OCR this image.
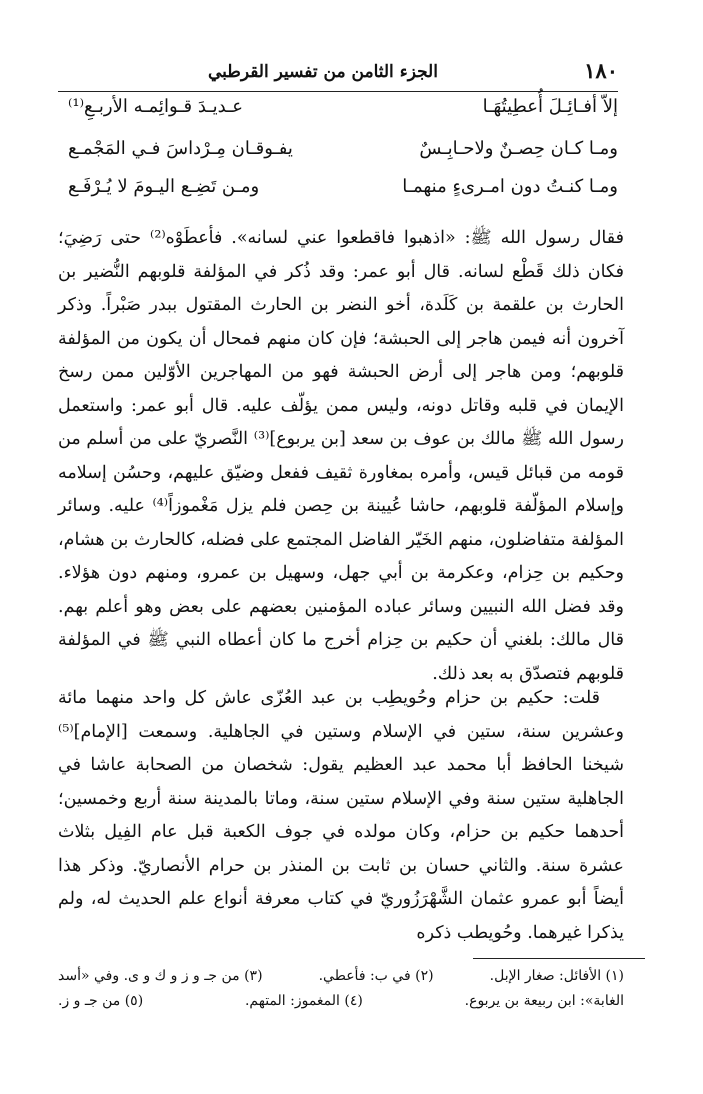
١٨٠
الجزء الثامن من تفسير القرطبي
إلاّ أفـائِـلَ أُعطِيتُهَـا
عـديـدَ قـوائِمـه الأربـعِ⁽¹⁾
ومـا كـان حِصـنٌ ولاحـابِـسٌ
يفـوقـان مِـرْداسَ فـي المَجْمـع
ومـا كنـتُ دون امـرىءٍ منهمـا
ومـن تَضِـع اليـومَ لا يُـرْفَـع

فقال رسول الله ﷺ: «اذهبوا فاقطعوا عني لسانه». فأعطَوْه⁽²⁾ حتى رَضِيَ؛ فكان ذلك قَطْع لسانه. قال أبو عمر: وقد ذُكر في المؤلفة قلوبهم النُّضير بن الحارث بن علقمة بن كَلَدة، أخو النضر بن الحارث المقتول ببدر صَبْراً. وذكر آخرون أنه فيمن هاجر إلى الحبشة؛ فإن كان منهم فمحال أن يكون من المؤلفة قلوبهم؛ ومن هاجر إلى أرض الحبشة فهو من المهاجرين الأوّلين ممن رسخ الإيمان في قلبه وقاتل دونه، وليس ممن يؤلّف عليه. قال أبو عمر: واستعمل رسول الله ﷺ مالك بن عوف بن سعد [بن يربوع]⁽³⁾ النَّصريّ على من أسلم من قومه من قبائل قيس، وأمره بمغاورة ثقيف ففعل وضيّق عليهم، وحسُن إسلامه وإسلام المؤلّفة قلوبهم، حاشا عُيينة بن حِصن فلم يزل مَغْموزاً⁽⁴⁾ عليه. وسائر المؤلفة متفاضلون، منهم الخَيّر الفاضل المجتمع على فضله، كالحارث بن هشام، وحكيم بن حِزام، وعكرمة بن أبي جهل، وسهيل بن عمرو، ومنهم دون هؤلاء. وقد فضل الله النبيين وسائر عباده المؤمنين بعضهم على بعض وهو أعلم بهم. قال مالك: بلغني أن حكيم بن حِزام أخرج ما كان أعطاه النبي ﷺ في المؤلفة قلوبهم فتصدّق به بعد ذلك.

قلت: حكيم بن حزام وحُويطِب بن عبد العُزّى عاش كل واحد منهما مائة وعشرين سنة، ستين في الإسلام وستين في الجاهلية. وسمعت [الإمام]⁽⁵⁾ شيخنا الحافظ أبا محمد عبد العظيم يقول: شخصان من الصحابة عاشا في الجاهلية ستين سنة وفي الإسلام ستين سنة، وماتا بالمدينة سنة أربع وخمسين؛ أحدهما حكيم بن حزام، وكان مولده في جوف الكعبة قبل عام الفِيل بثلاث عشرة سنة. والثاني حسان بن ثابت بن المنذر بن حرام الأنصاريّ. وذكر هذا أيضاً أبو عمرو عثمان الشَّهْرَزُوريّ في كتاب معرفة أنواع علم الحديث له، ولم يذكرا غيرهما. وحُويطب ذكره

(١) الأفائل: صغار الإبل.
(٢) في ب: فأعطي.
(٣) من جـ و ز و ك و ى. وفي «أسد
الغابة»: ابن ربيعة بن يربوع.
(٤) المغموز: المتهم.
(٥) من جـ و ز.
